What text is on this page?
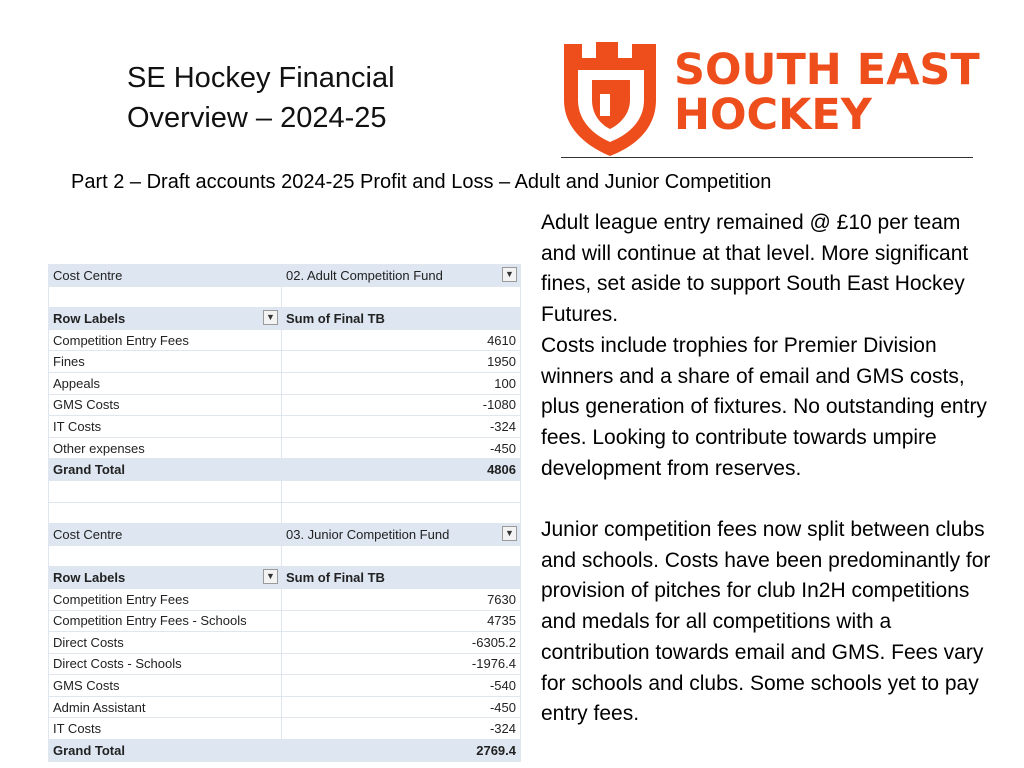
SE Hockey Financial
Overview – 2024-25
SOUTH EAST
HOCKEY
Part 2 – Draft accounts 2024-25 Profit and Loss – Adult and Junior Competition

Adult league entry remained @ £10 per team and will continue at that level. More significant fines, set aside to support South East Hockey Futures.

Costs include trophies for Premier Division winners and a share of email and GMS costs, plus generation of fixtures. No outstanding entry fees. Looking to contribute towards umpire development from reserves.

Junior competition fees now split between clubs and schools. Costs have been predominantly for provision of pitches for club In2H competitions and medals for all competitions with a contribution towards email and GMS. Fees vary for schools and clubs. Some schools yet to pay entry fees.

Cost Centre	02. Adult Competition Fund ▼

Row Labels ▼	Sum of Final TB
Competition Entry Fees	4610
Fines	1950
Appeals	100
GMS Costs	-1080
IT Costs	-324
Other expenses	-450
Grand Total	4806

Cost Centre	03. Junior Competition Fund ▼

Row Labels ▼	Sum of Final TB
Competition Entry Fees	7630
Competition Entry Fees - Schools	4735
Direct Costs	-6305.2
Direct Costs - Schools	-1976.4
GMS Costs	-540
Admin Assistant	-450
IT Costs	-324
Grand Total	2769.4
